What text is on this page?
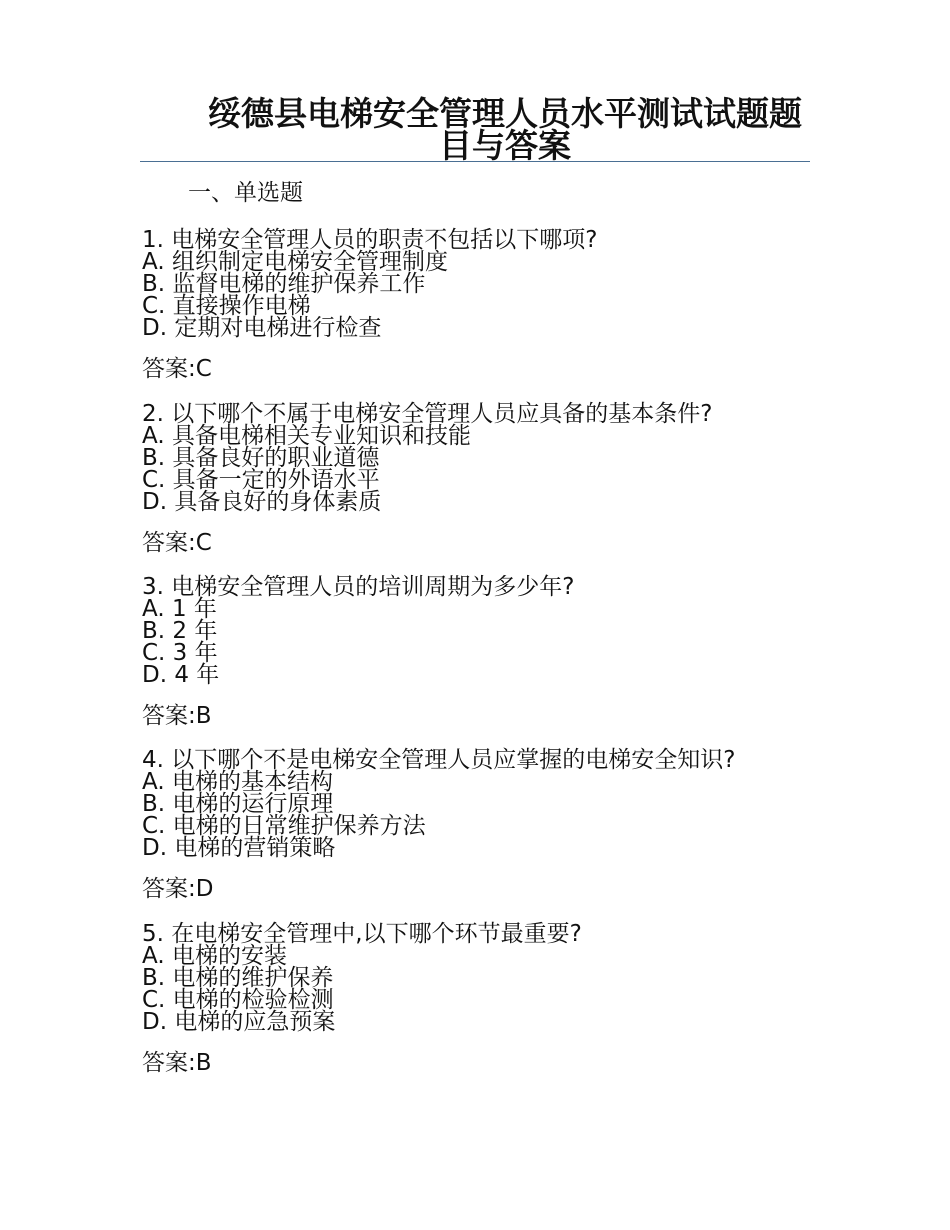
绥德县电梯安全管理人员水平测试试题题目与答案
一、单选题
1. 电梯安全管理人员的职责不包括以下哪项?
A. 组织制定电梯安全管理制度
B. 监督电梯的维护保养工作
C. 直接操作电梯
D. 定期对电梯进行检查
答案:C
2. 以下哪个不属于电梯安全管理人员应具备的基本条件?
A. 具备电梯相关专业知识和技能
B. 具备良好的职业道德
C. 具备一定的外语水平
D. 具备良好的身体素质
答案:C
3. 电梯安全管理人员的培训周期为多少年?
A. 1 年
B. 2 年
C. 3 年
D. 4 年
答案:B
4. 以下哪个不是电梯安全管理人员应掌握的电梯安全知识?
A. 电梯的基本结构
B. 电梯的运行原理
C. 电梯的日常维护保养方法
D. 电梯的营销策略
答案:D
5. 在电梯安全管理中,以下哪个环节最重要?
A. 电梯的安装
B. 电梯的维护保养
C. 电梯的检验检测
D. 电梯的应急预案
答案:B
